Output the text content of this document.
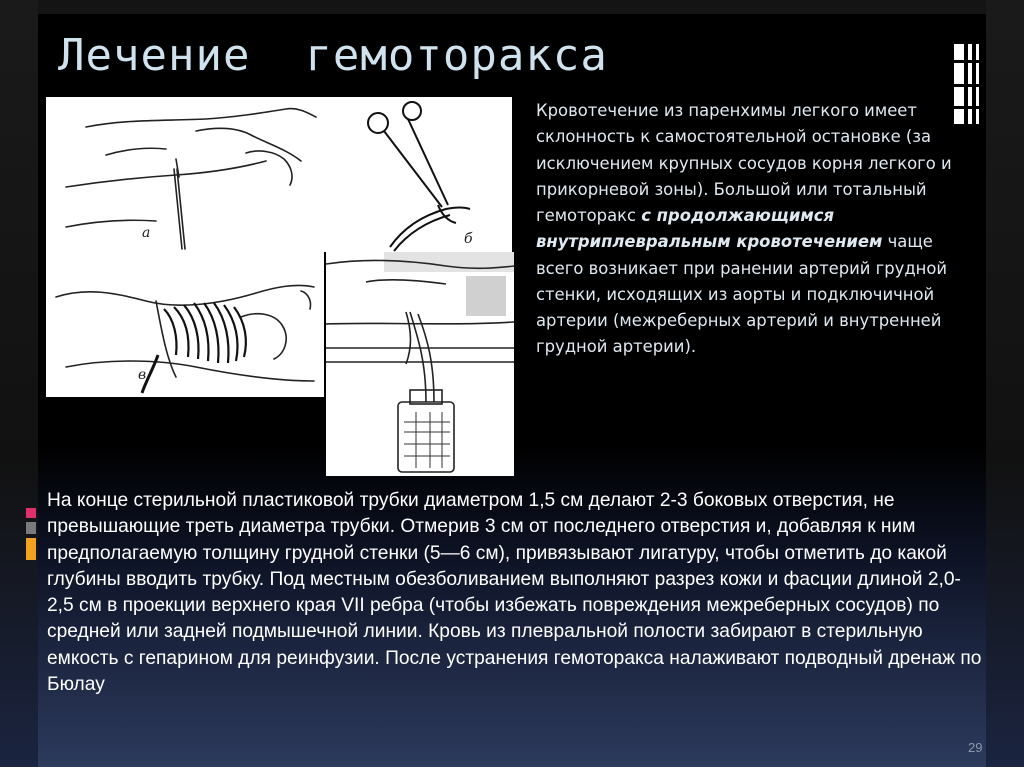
Лечение  гемоторакса
а
в
б

Кровотечение из паренхимы легкого имеет склонность к самостоятельной остановке (за исключением крупных сосудов корня легкого и прикорневой зоны). Большой или тотальный гемоторакс с продолжающимся внутриплевральным кровотечением чаще всего возникает при ранении артерий грудной стенки, исходящих из аорты и подключичной артерии (межреберных артерий и внутренней грудной артерии).

На конце стерильной пластиковой трубки диаметром 1,5 см делают 2-3 боковых отверстия, не превышающие треть диаметра трубки. Отмерив 3 см от последнего отверстия и, добавляя к ним предполагаемую толщину грудной стенки (5—6 см), привязывают лигатуру, чтобы отметить до какой глубины вводить трубку. Под местным обезболиванием выполняют разрез кожи и фасции длиной 2,0-2,5 см в проекции верхнего края VII ребра (чтобы избежать повреждения межреберных сосудов) по средней или задней подмышечной линии. Кровь из плевральной полости забирают в стерильную емкость с гепарином для реинфузии. После устранения гемоторакса налаживают подводный дренаж по Бюлау

29
